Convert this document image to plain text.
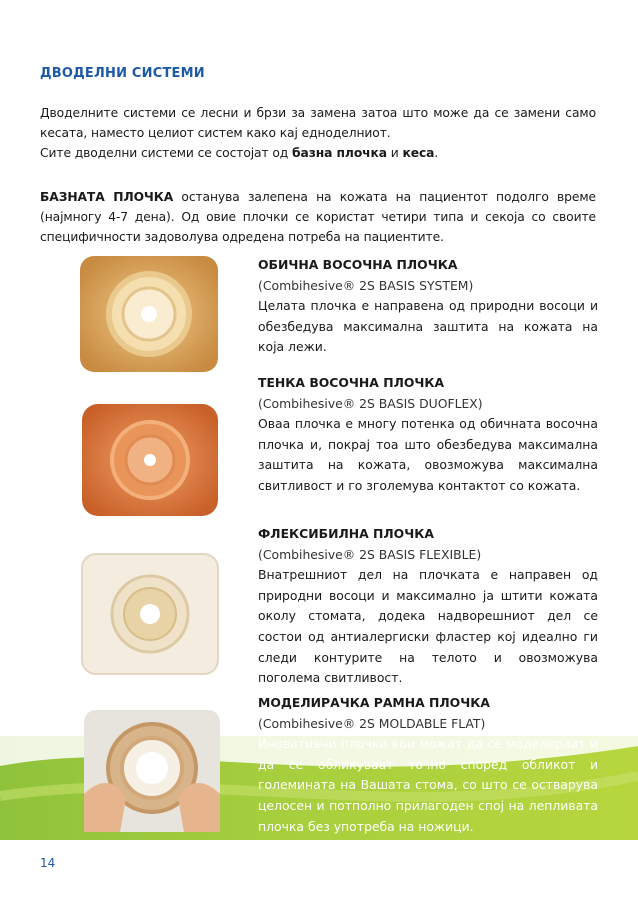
ДВОДЕЛНИ СИСТЕМИ
Дводелните системи се лесни и брзи за замена затоа што може да се замени само кесата, наместо целиот систем како кај едноделниот.
Сите дводелни системи се состојат од базна плочка и кеса.
БАЗНАТА ПЛОЧКА останува залепена на кожата на пациентот подолго време (најмногу 4-7 дена). Од овие плочки се користат четири типа и секоја со своите специфичности задоволува одредена потреба на пациентите.
ОБИЧНА ВОСОЧНА ПЛОЧКА
(Combihesive® 2S BASIS SYSTEM)
Целата плочка е направена од природни восоци и обезбедува максимална заштита на кожата на која лежи.
ТЕНКА ВОСОЧНА ПЛОЧКА
(Combihesive® 2S BASIS DUOFLEX)
Оваа плочка е многу потенка од обичната восочна плочка и, покрај тоа што обезбедува максимална заштита на кожата, овозможува максимална свитливост и го зголемува контактот со кожата.
ФЛЕКСИБИЛНА ПЛОЧКА
(Combihesive® 2S BASIS FLEXIBLE)
Внатрешниот дел на плочката е направен од природни восоци и максимално ја штити кожата околу стомата, додека надворешниот дел се состои од антиалергиски фластер кој идеално ги следи контурите на телото и овозможува поголема свитливост.
МОДЕЛИРАЧКА РАМНА ПЛОЧКА
(Combihesive® 2S MOLDABLE FLAT)
Иновативни плочки кои можат да се моделираат и да се обликуваат точно според обликот и големината на Вашата стома, со што се остварува целосен и потполно прилагоден спој на лепливата плочка без употреба на ножици.
14
